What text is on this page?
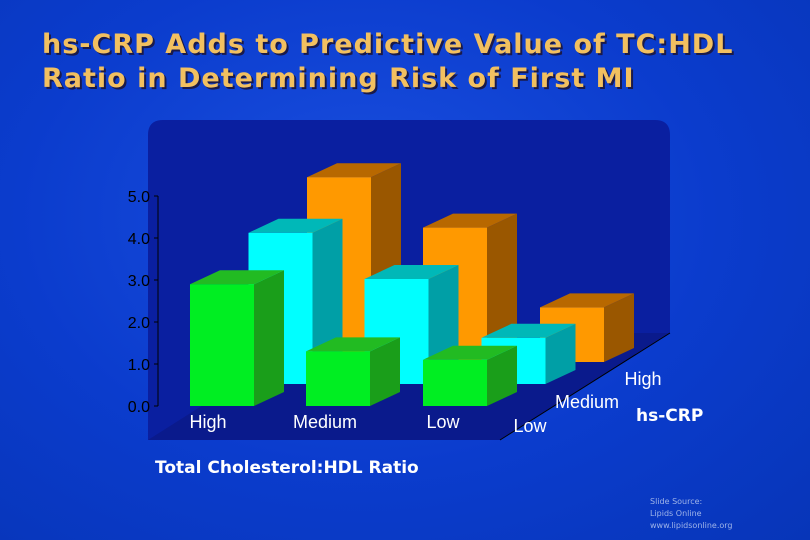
hs-CRP Adds to Predictive Value of TC:HDL
Ratio in Determining Risk of First MI
0.0
1.0
2.0
3.0
4.0
5.0
High	Medium	Low	Low
Medium
High
hs-CRP
Total Cholesterol:HDL Ratio
Slide Source:
Lipids Online
www.lipidsonline.org
